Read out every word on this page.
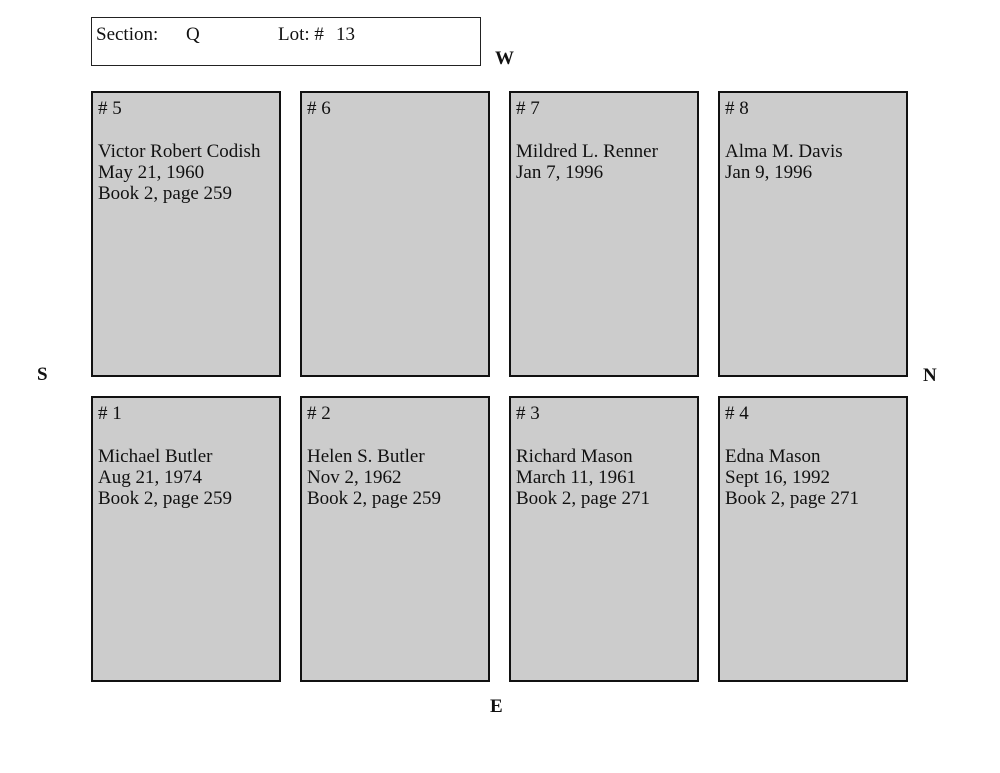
Section: Q	Lot: # 13
W
E
S	N
# 5
Victor Robert Codish
May 21, 1960
Book 2, page 259
# 6	# 7
Mildred L. Renner
Jan 7, 1996
# 8
Alma M. Davis
Jan 9, 1996
# 1
Michael Butler
Aug 21, 1974
Book 2, page 259
# 2
Helen S. Butler
Nov 2, 1962
Book 2, page 259
# 3
Richard Mason
March 11, 1961
Book 2, page 271
# 4
Edna Mason
Sept 16, 1992
Book 2, page 271
